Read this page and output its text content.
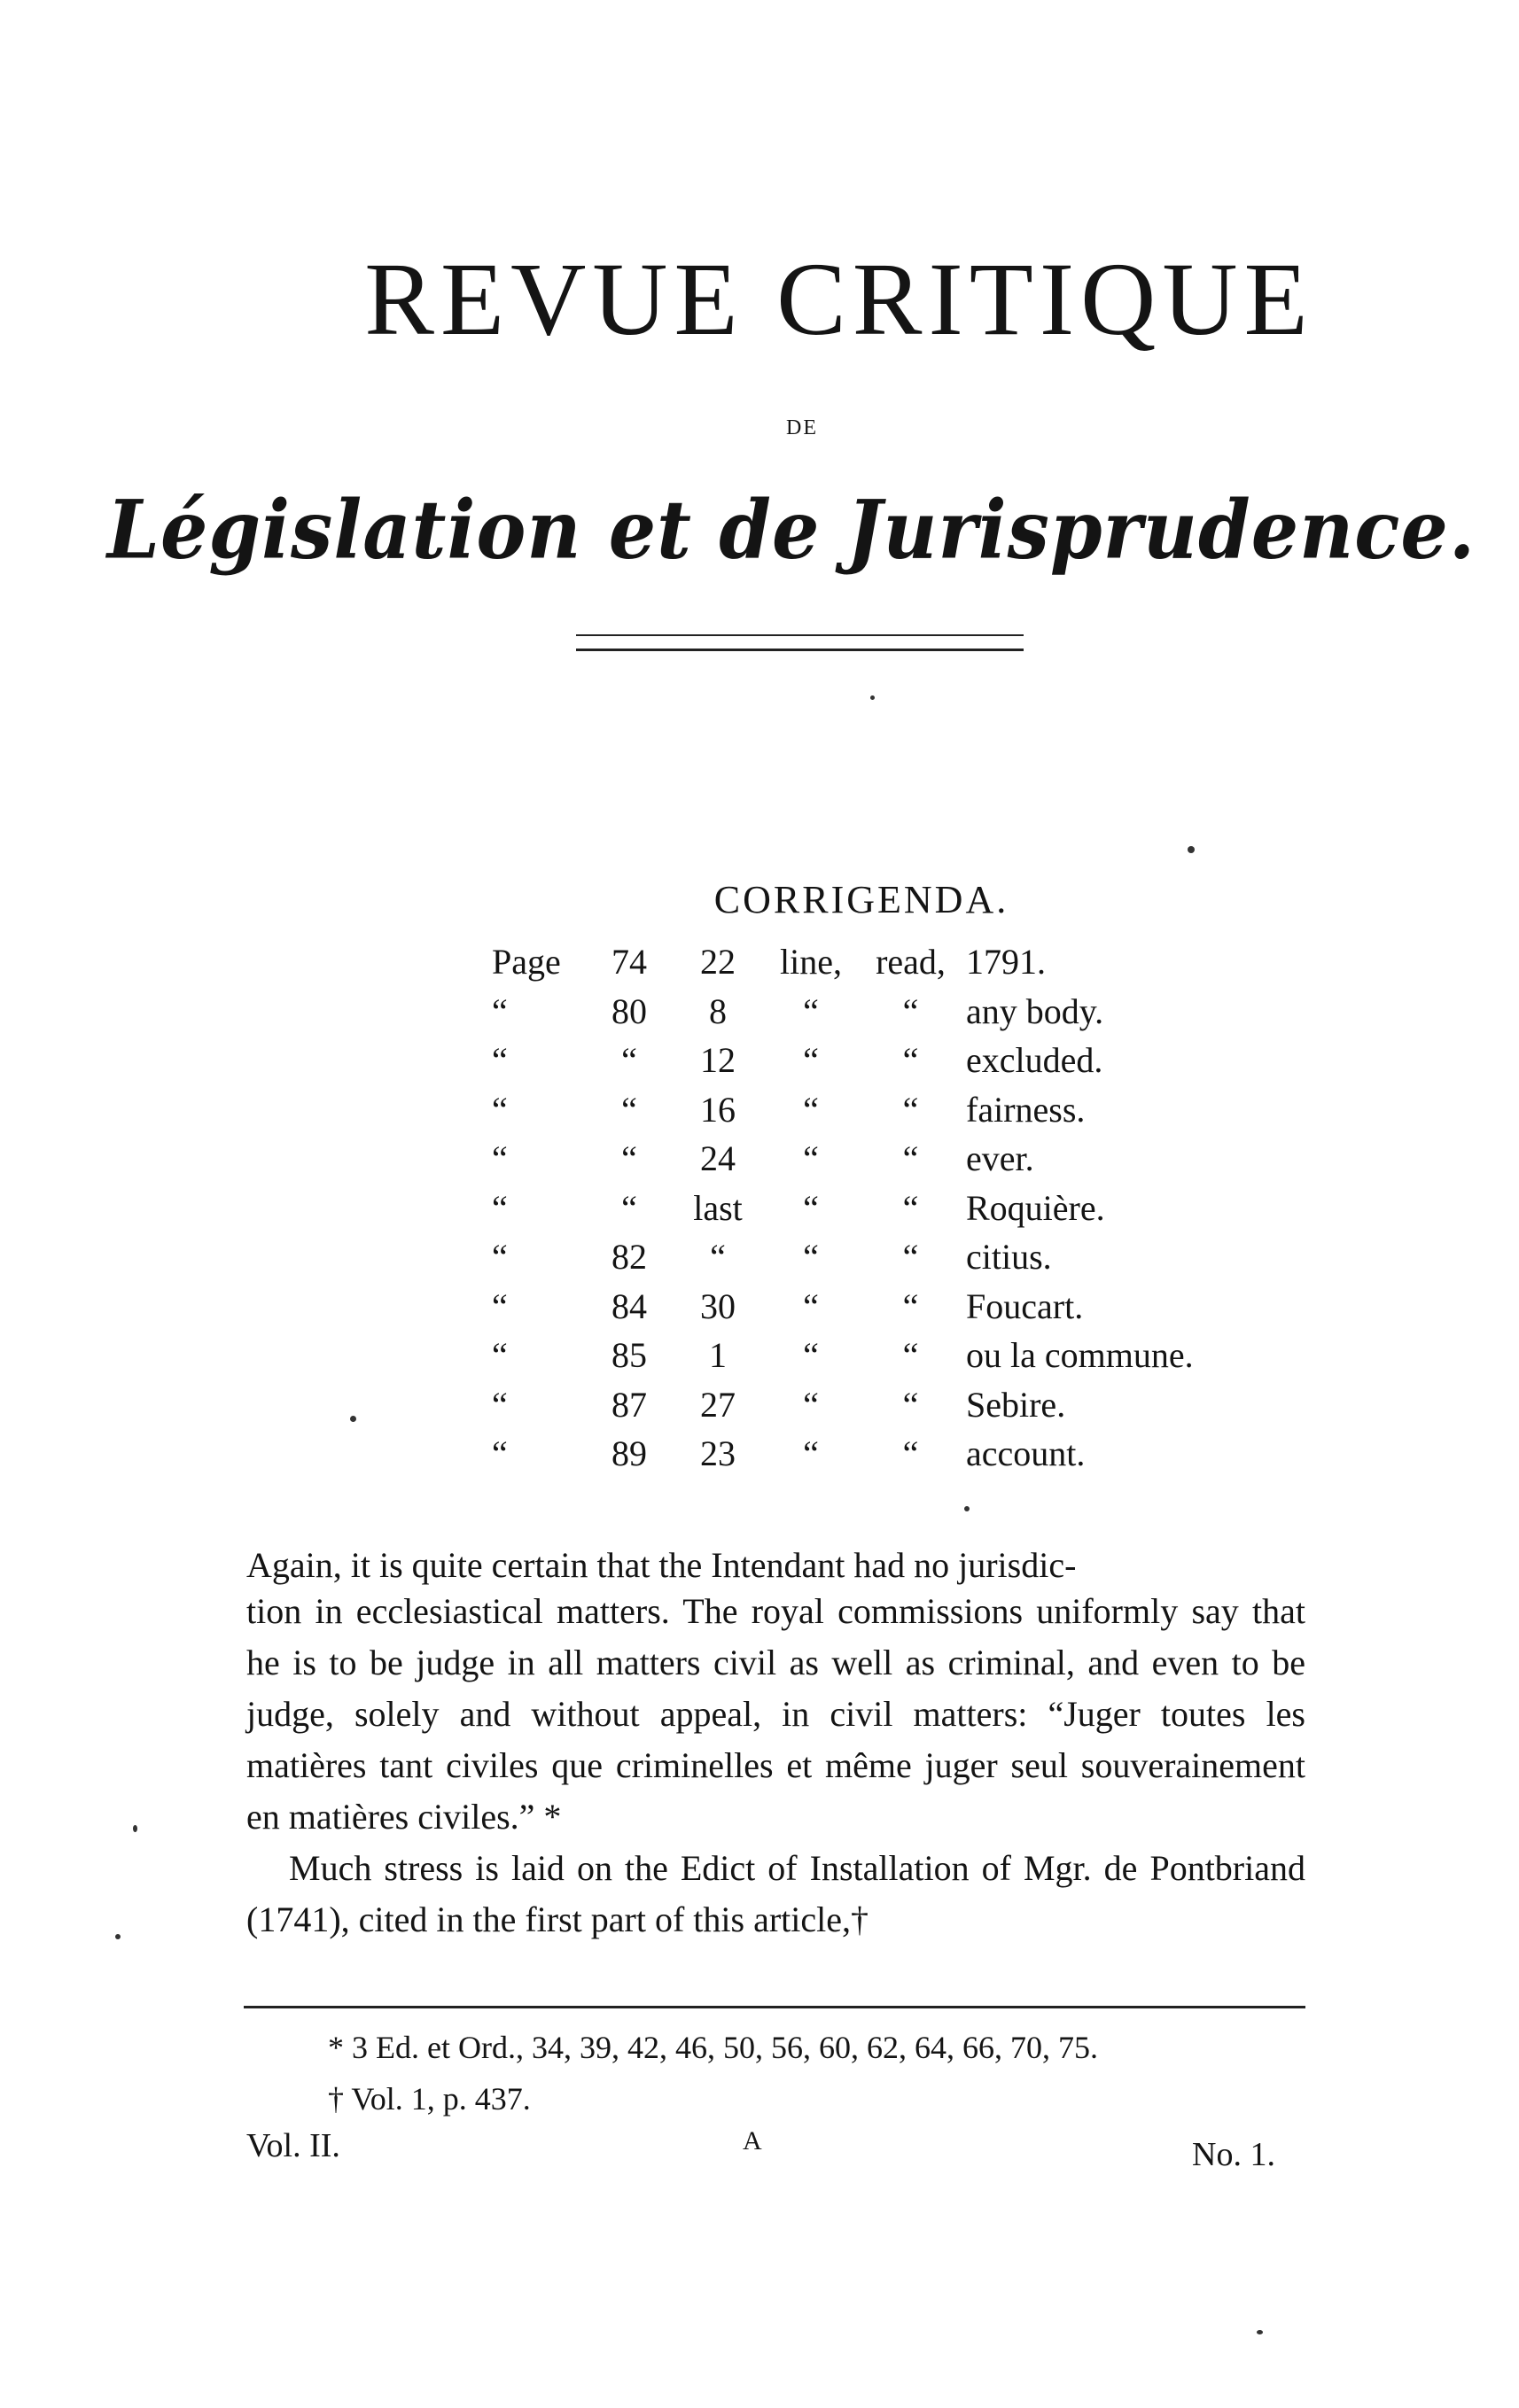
REVUE CRITIQUE
DE
Législation et de Jurisprudence.
CORRIGENDA.
Page	74	22	line,	read,	1791.
“	80	8	“	“	any body.
“	“	12	“	“	excluded.
“	“	16	“	“	fairness.
“	“	24	“	“	ever.
“	“	last	“	“	Roquière.
“	82	“	“	“	citius.
“	84	30	“	“	Foucart.
“	85	1	“	“	ou la commune.
“	87	27	“	“	Sebire.
“	89	23	“	“	account.

Again, it is quite certain that the Intendant had no jurisdic-

tion in ecclesiastical matters. The royal commissions uniformly say that he is to be judge in all matters civil as well as criminal, and even to be judge, solely and without appeal, in civil matters: “Juger toutes les matières tant civiles que criminelles et même juger seul souverainement en matières civiles.” *

Much stress is laid on the Edict of Installation of Mgr. de Pontbriand (1741), cited in the first part of this article,†

* 3 Ed. et Ord., 34, 39, 42, 46, 50, 56, 60, 62, 64, 66, 70, 75.
† Vol. 1, p. 437.
Vol. II.	A	No. 1.
